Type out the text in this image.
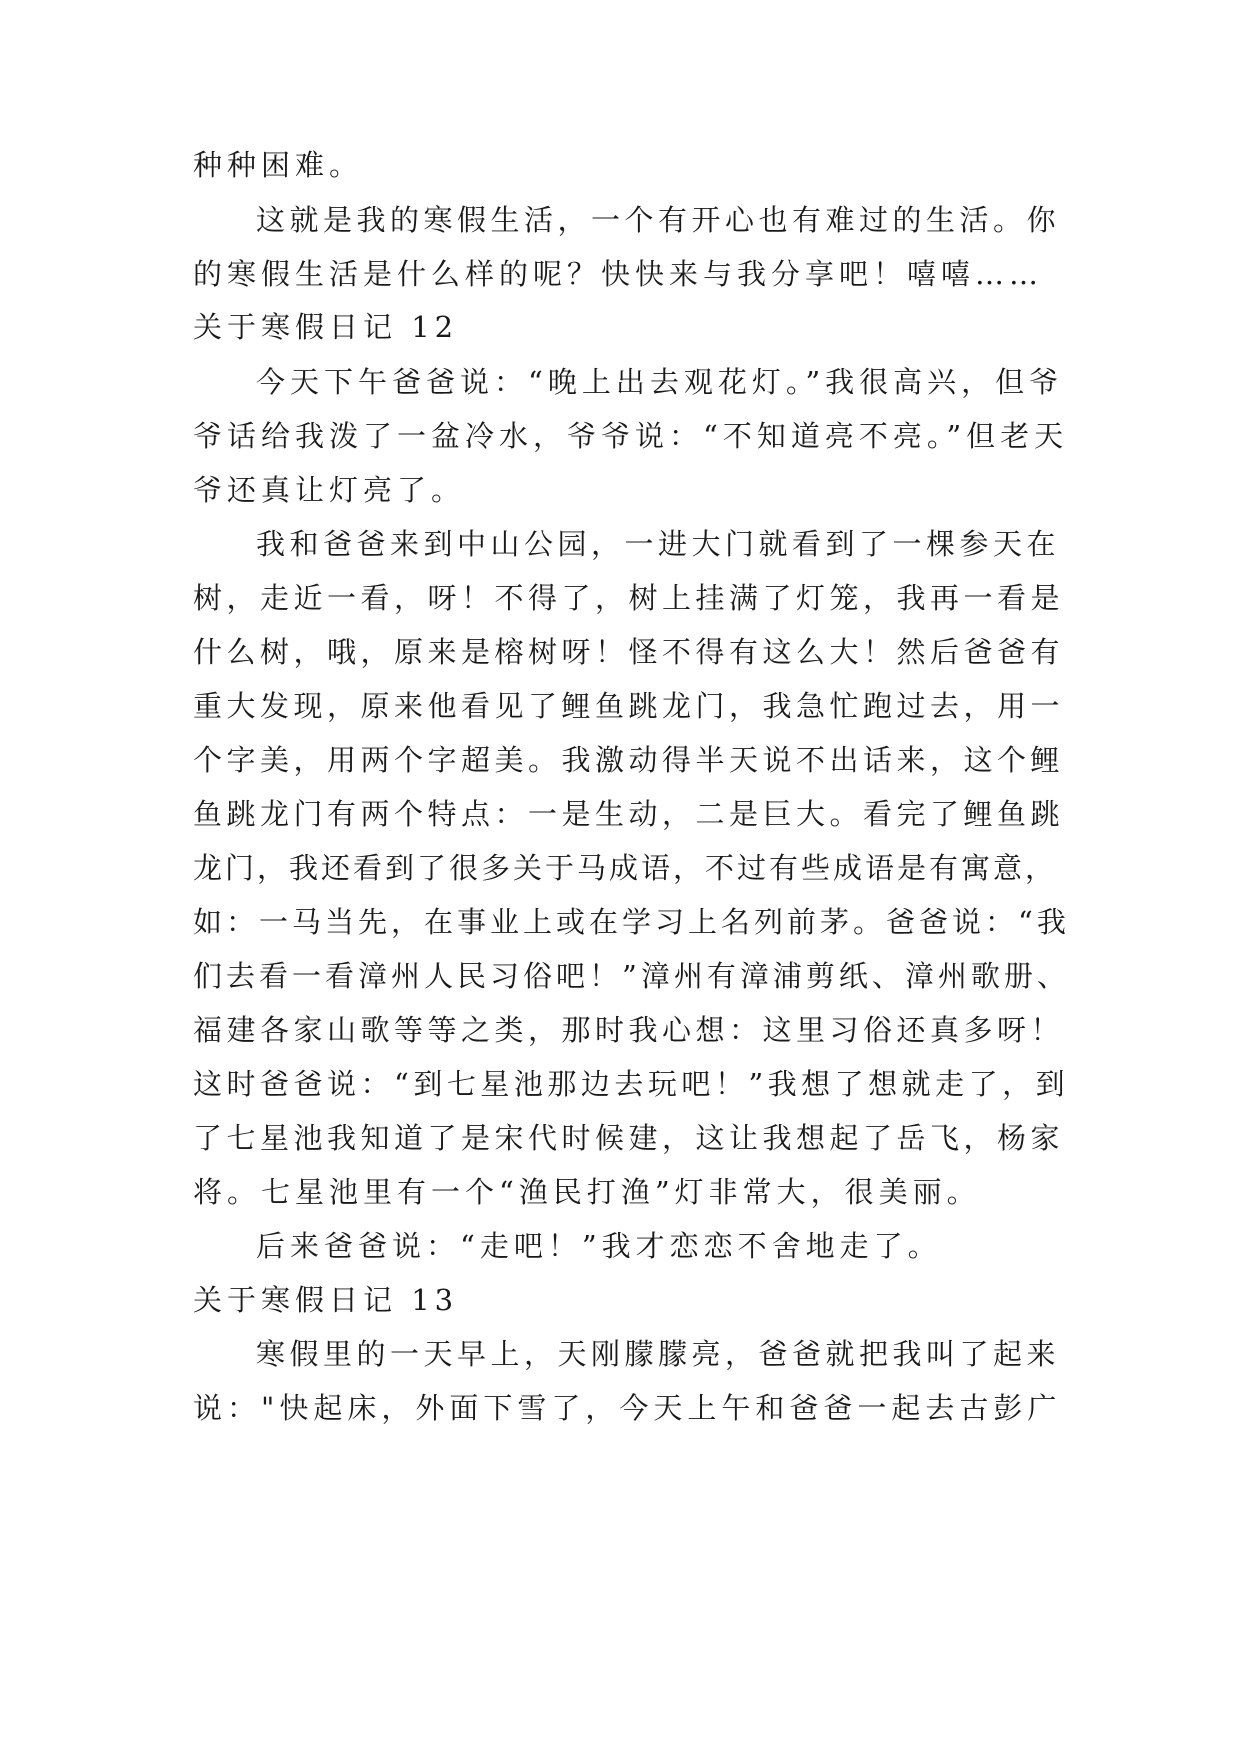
种种困难。
这就是我的寒假生活，一个有开心也有难过的生活。你
的寒假生活是什么样的呢？快快来与我分享吧！嘻嘻……
关于寒假日记 12
今天下午爸爸说：“晚上出去观花灯。”我很高兴，但爷
爷话给我泼了一盆冷水，爷爷说：“不知道亮不亮。”但老天
爷还真让灯亮了。
我和爸爸来到中山公园，一进大门就看到了一棵参天在
树，走近一看，呀！不得了，树上挂满了灯笼，我再一看是
什么树，哦，原来是榕树呀！怪不得有这么大！然后爸爸有
重大发现，原来他看见了鲤鱼跳龙门，我急忙跑过去，用一
个字美，用两个字超美。我激动得半天说不出话来，这个鲤
鱼跳龙门有两个特点：一是生动，二是巨大。看完了鲤鱼跳
龙门，我还看到了很多关于马成语，不过有些成语是有寓意，
如：一马当先，在事业上或在学习上名列前茅。爸爸说：“我
们去看一看漳州人民习俗吧！”漳州有漳浦剪纸、漳州歌册、
福建各家山歌等等之类，那时我心想：这里习俗还真多呀！
这时爸爸说：“到七星池那边去玩吧！”我想了想就走了，到
了七星池我知道了是宋代时候建，这让我想起了岳飞，杨家
将。七星池里有一个“渔民打渔”灯非常大，很美丽。
后来爸爸说：“走吧！”我才恋恋不舍地走了。
关于寒假日记 13
寒假里的一天早上，天刚朦朦亮，爸爸就把我叫了起来
说："快起床，外面下雪了，今天上午和爸爸一起去古彭广
